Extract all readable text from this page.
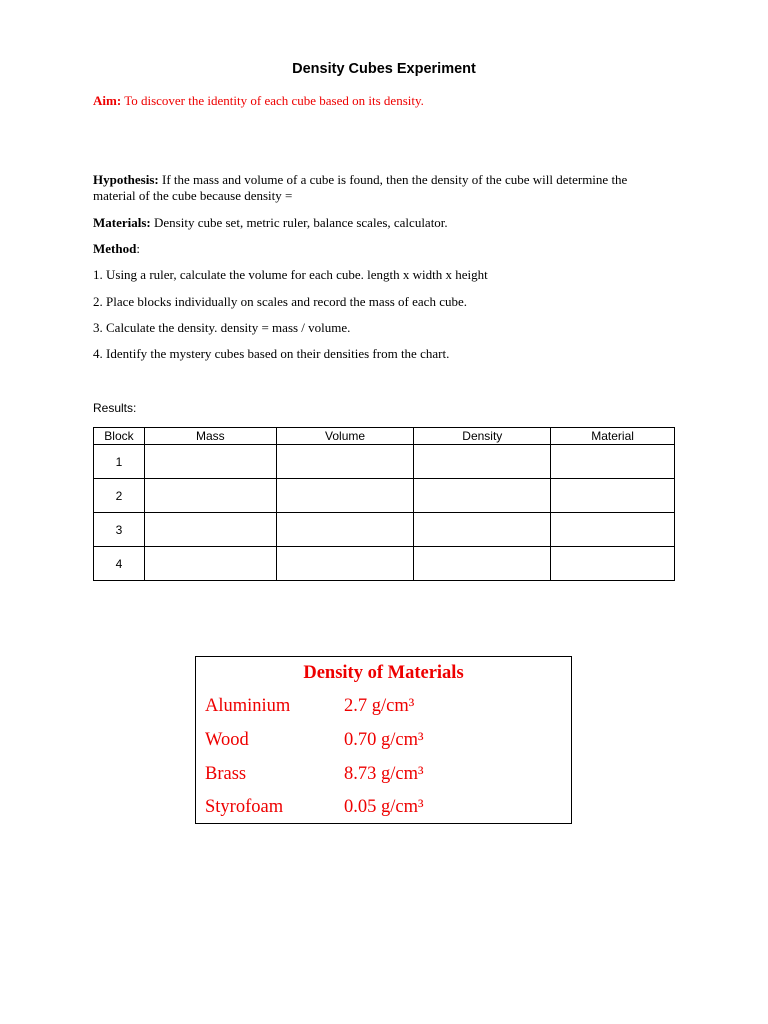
Density Cubes Experiment
Aim: To discover the identity of each cube based on its density.
Hypothesis: If the mass and volume of a cube is found, then the density of the cube will determine the material of the cube because density =
Materials: Density cube set, metric ruler, balance scales, calculator.
Method:
1. Using a ruler, calculate the volume for each cube. length x width x height
2. Place blocks individually on scales and record the mass of each cube.
3. Calculate the density. density = mass / volume.
4. Identify the mystery cubes based on their densities from the chart.
Results:
Block	Mass	Volume	Density	Material
1				
2				
3				
4				
Density of Materials
Aluminium	2.7 g/cm³
Wood	0.70 g/cm³
Brass	8.73 g/cm³
Styrofoam	0.05 g/cm³
